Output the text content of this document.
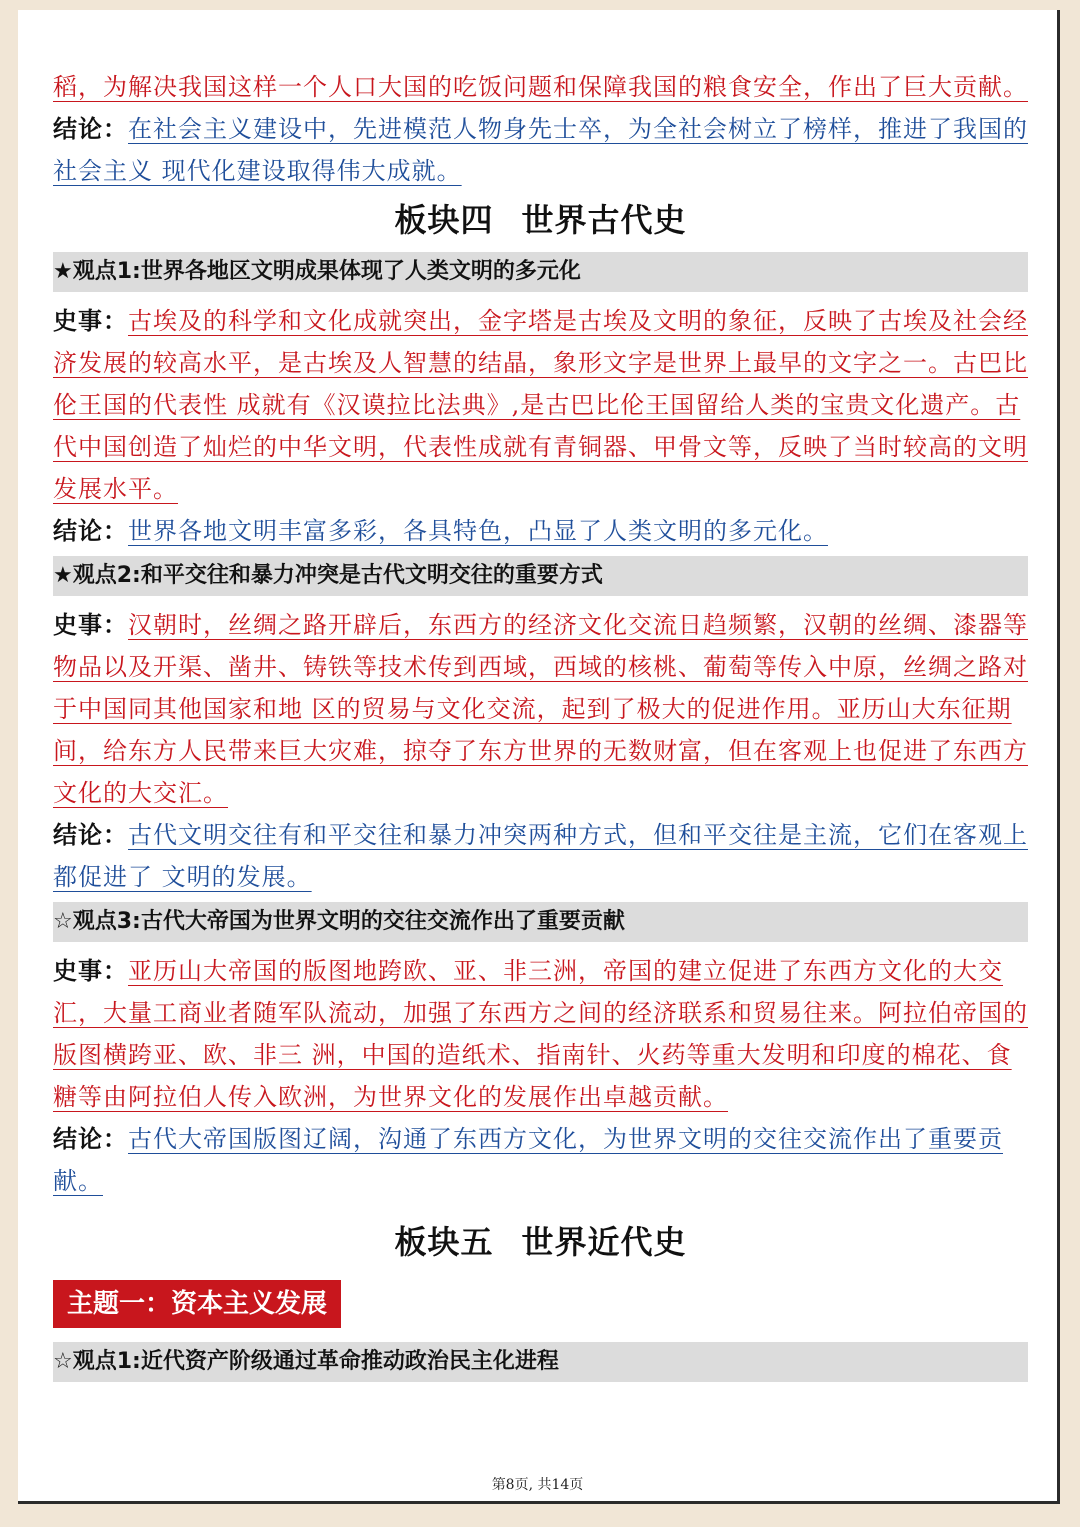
稻，为解决我国这样一个人口大国的吃饭问题和保障我国的粮食安全，作出了巨大贡献。

结论：在社会主义建设中，先进模范人物身先士卒，为全社会树立了榜样，推进了我国的社会主义 现代化建设取得伟大成就。

板块四 世界古代史
★观点1:世界各地区文明成果体现了人类文明的多元化

史事：古埃及的科学和文化成就突出，金字塔是古埃及文明的象征，反映了古埃及社会经济发展的较高水平，是古埃及人智慧的结晶，象形文字是世界上最早的文字之一。古巴比伦王国的代表性 成就有《汉谟拉比法典》,是古巴比伦王国留给人类的宝贵文化遗产。古代中国创造了灿烂的中华文明，代表性成就有青铜器、甲骨文等，反映了当时较高的文明发展水平。

结论：世界各地文明丰富多彩，各具特色，凸显了人类文明的多元化。

★观点2:和平交往和暴力冲突是古代文明交往的重要方式

史事：汉朝时，丝绸之路开辟后，东西方的经济文化交流日趋频繁，汉朝的丝绸、漆器等物品以及开渠、凿井、铸铁等技术传到西域，西域的核桃、葡萄等传入中原，丝绸之路对于中国同其他国家和地 区的贸易与文化交流，起到了极大的促进作用。亚历山大东征期间，给东方人民带来巨大灾难，掠夺了东方世界的无数财富，但在客观上也促进了东西方文化的大交汇。

结论：古代文明交往有和平交往和暴力冲突两种方式，但和平交往是主流，它们在客观上都促进了 文明的发展。

☆观点3:古代大帝国为世界文明的交往交流作出了重要贡献

史事：亚历山大帝国的版图地跨欧、亚、非三洲，帝国的建立促进了东西方文化的大交汇，大量工商业者随军队流动，加强了东西方之间的经济联系和贸易往来。阿拉伯帝国的版图横跨亚、欧、非三 洲，中国的造纸术、指南针、火药等重大发明和印度的棉花、食糖等由阿拉伯人传入欧洲，为世界文化的发展作出卓越贡献。

结论：古代大帝国版图辽阔，沟通了东西方文化，为世界文明的交往交流作出了重要贡献。

板块五 世界近代史
主题一：资本主义发展
☆观点1:近代资产阶级通过革命推动政治民主化进程
第8页, 共14页
